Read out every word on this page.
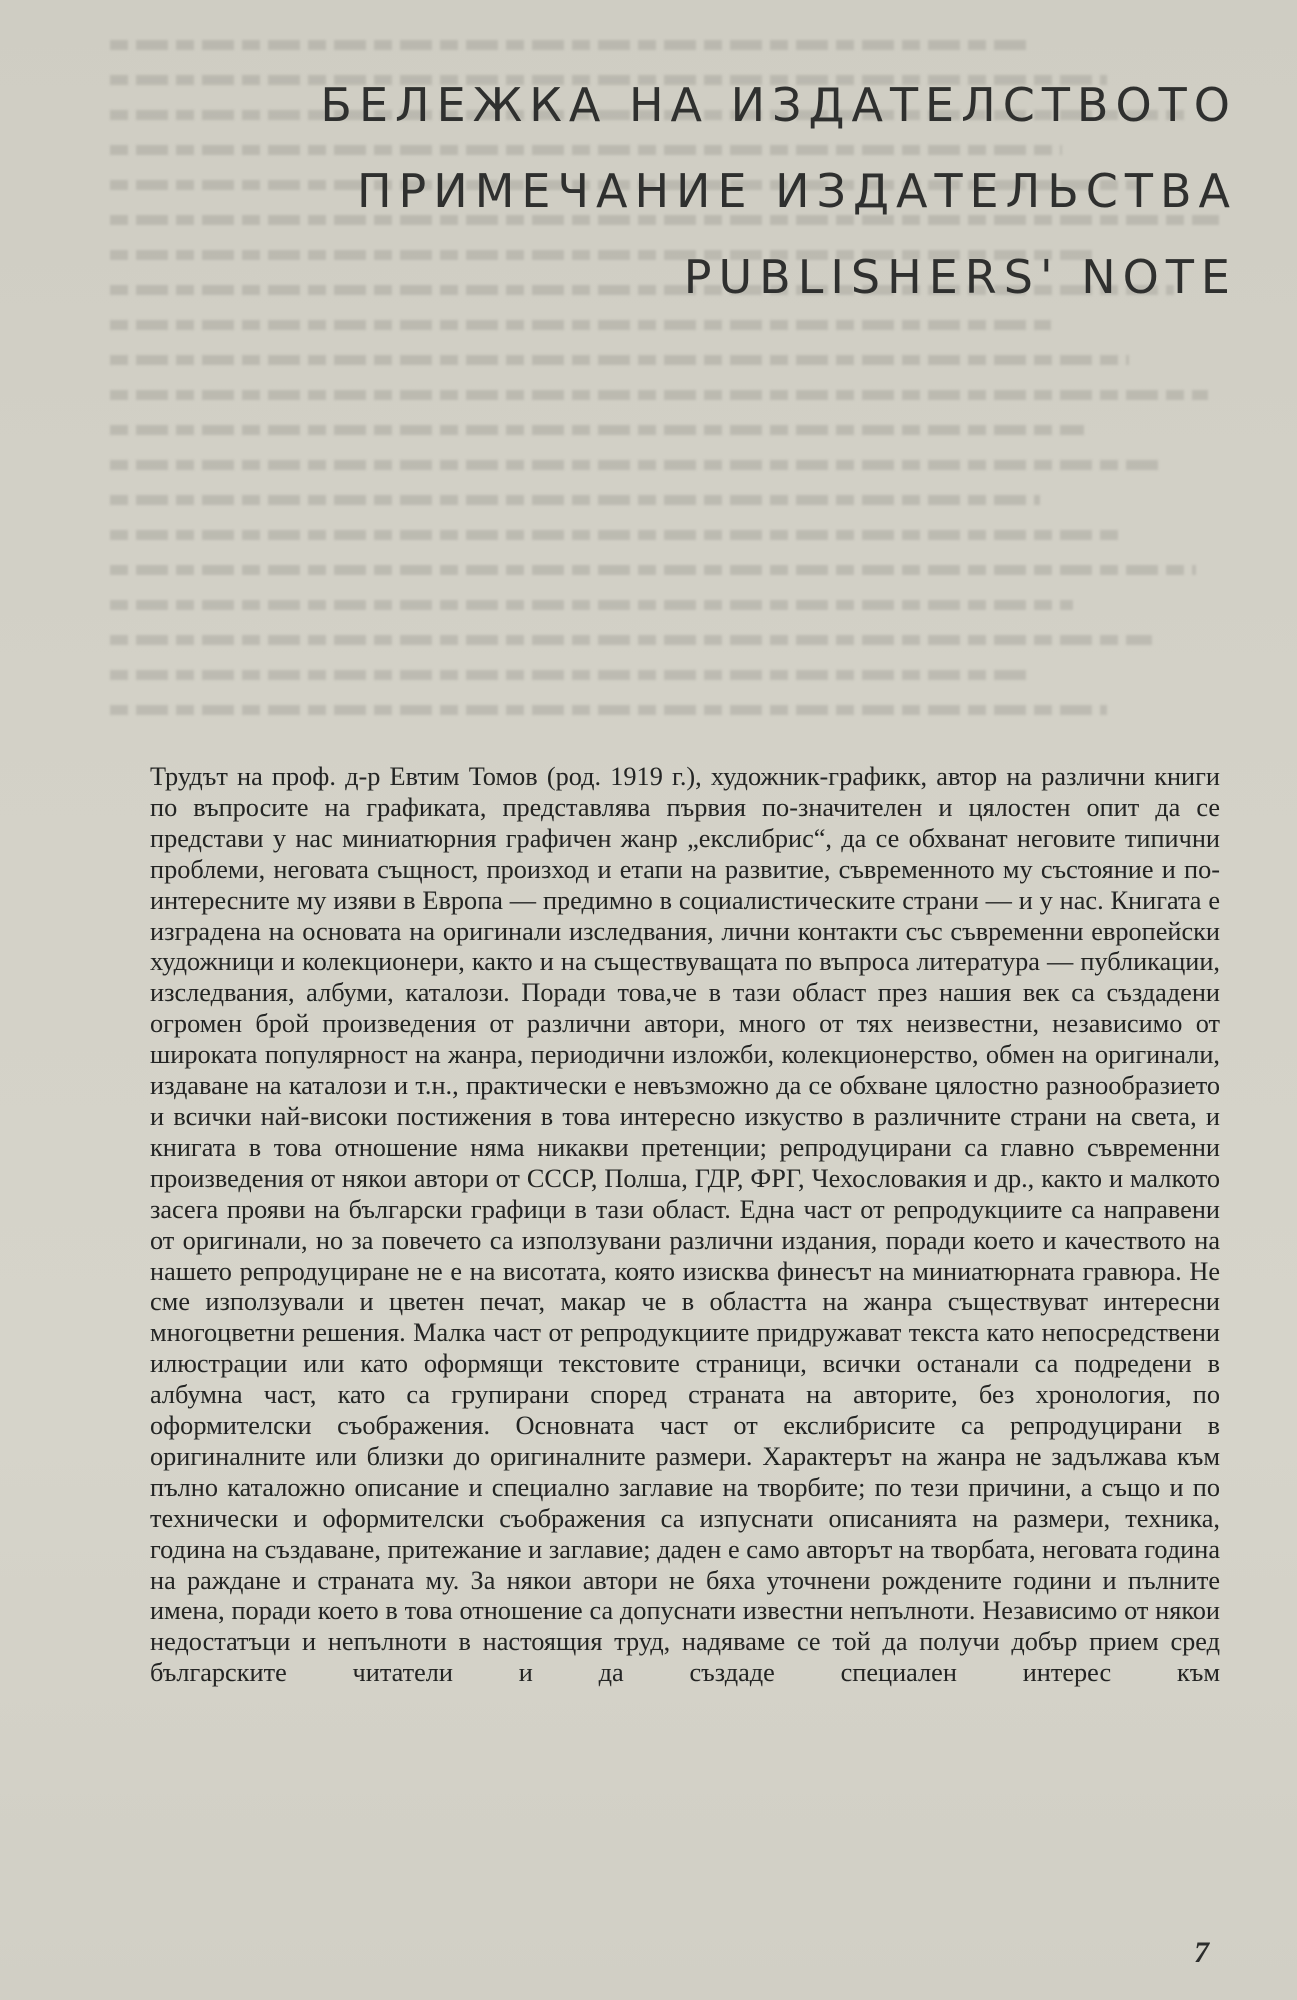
БЕЛЕЖКА НА ИЗДАТЕЛСТВОТО
ПРИМЕЧАНИЕ ИЗДАТЕЛЬСТВА
PUBLISHERS' NOTE

Трудът на проф. д-р Евтим Томов (род. 1919 г.), художник-графикк, автор на различни книги по въпросите на графиката, представлява първия по-значителен и цялостен опит да се представи у нас миниатюрния графичен жанр „екслибрис“, да се обхванат неговите типични проблеми, неговата същност, произход и етапи на развитие, съвременното му състояние и по-интересните му изяви в Европа — предимно в социалистическите страни — и у нас. Книгата е изградена на основата на оригинали изследвания, лични контакти със съвременни европейски художници и колекционери, както и на съществуващата по въпроса литература — публикации, изследвания, албуми, каталози. Поради това,че в тази област през нашия век са създадени огромен брой произведения от различни автори, много от тях неизвестни, независимо от широката популярност на жанра, периодични изложби, колекционерство, обмен на оригинали, издаване на каталози и т.н., практически е невъзможно да се обхване цялостно разнообразието и всички най-високи постижения в това интересно изкуство в различните страни на света, и книгата в това отношение няма никакви претенции; репродуцирани са главно съвременни произведения от някои автори от СССР, Полша, ГДР, ФРГ, Чехословакия и др., както и малкото засега прояви на български графици в тази област. Една част от репродукциите са направени от оригинали, но за повечето са използувани различни издания, поради което и качеството на нашето репродуциране не е на висотата, която изисква финесът на миниатюрната гравюра. Не сме използували и цветен печат, макар че в областта на жанра съществуват интересни многоцветни решения. Малка част от репродукциите придружават текста като непосредствени илюстрации или като оформящи текстовите страници, всички останали са подредени в албумна част, като са групирани според страната на авторите, без хронология, по оформителски съображения. Основната част от екслибрисите са репродуцирани в оригиналните или близки до оригиналните размери. Характерът на жанра не задължава към пълно каталожно описание и специално заглавие на творбите; по тези причини, а също и по технически и оформителски съображения са изпуснати описанията на размери, техника, година на създаване, притежание и заглавие; даден е само авторът на творбата, неговата година на раждане и страната му. За някои автори не бяха уточнени рождените години и пълните имена, поради което в това отношение са допуснати известни непълноти. Независимо от някои недостатъци и непълноти в настоящия труд, надяваме се той да получи добър прием сред българските читатели и да създаде специален интерес към

7
